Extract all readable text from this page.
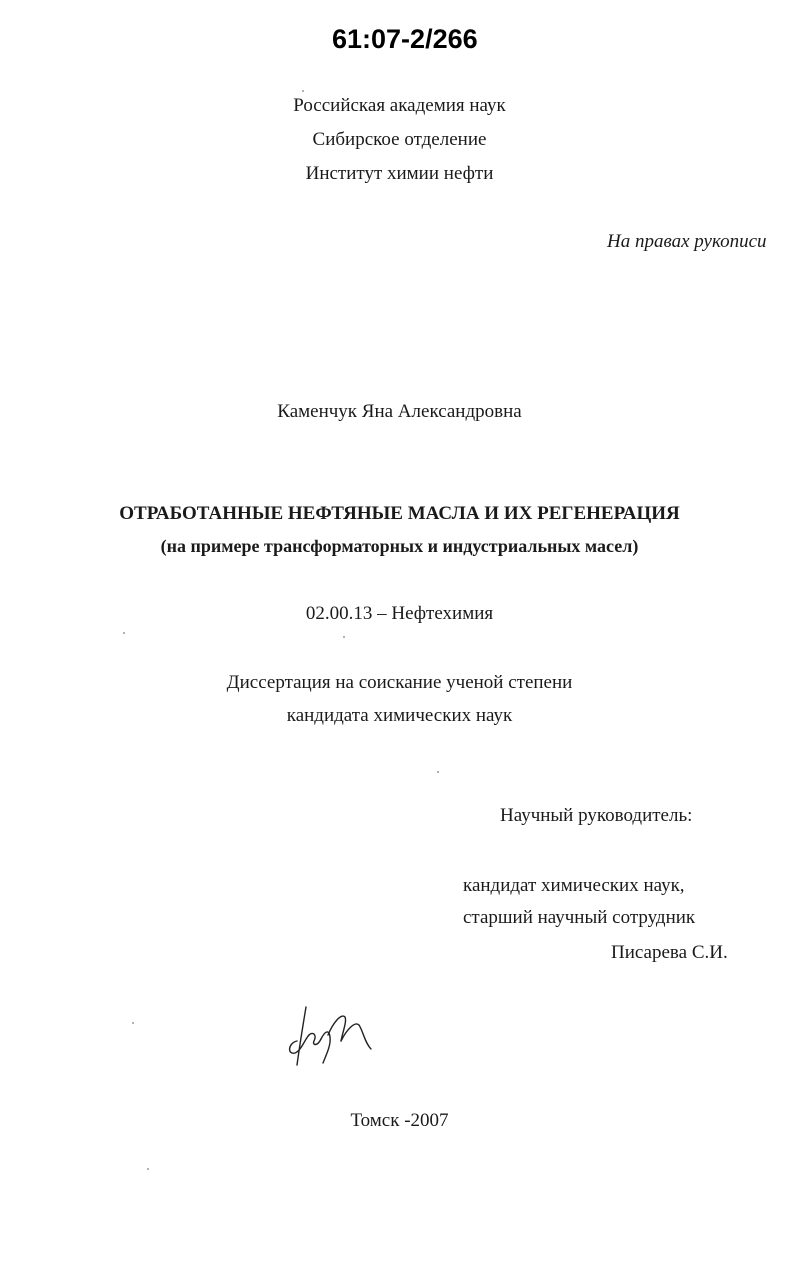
61:07-2/266
Российская академия наук
Сибирское отделение
Институт химии нефти
На правах рукописи
Каменчук Яна Александровна
ОТРАБОТАННЫЕ НЕФТЯНЫЕ МАСЛА И ИХ РЕГЕНЕРАЦИЯ
(на примере трансформаторных и индустриальных масел)
02.00.13 – Нефтехимия
Диссертация на соискание ученой степени
кандидата химических наук
Научный руководитель:
кандидат химических наук,
старший научный сотрудник
Писарева С.И.
Томск -2007
